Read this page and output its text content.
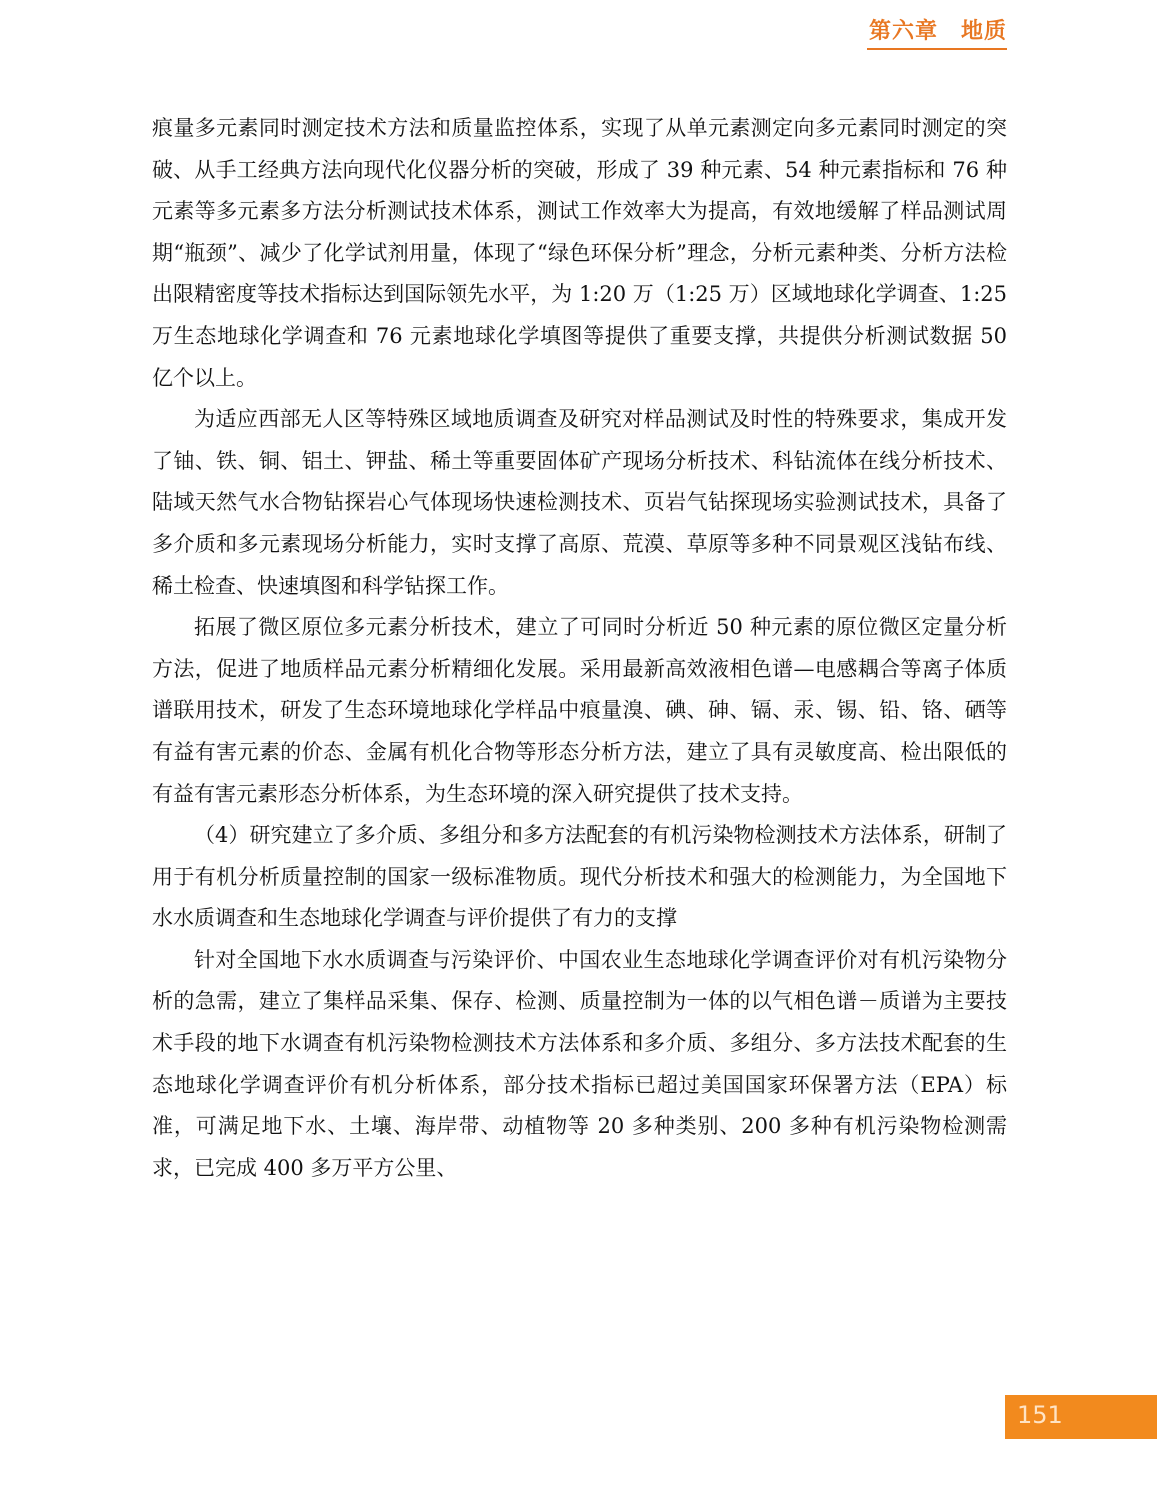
第六章　地质

痕量多元素同时测定技术方法和质量监控体系，实现了从单元素测定向多元素同时测定的突破、从手工经典方法向现代化仪器分析的突破，形成了 39 种元素、54 种元素指标和 76 种元素等多元素多方法分析测试技术体系，测试工作效率大为提高，有效地缓解了样品测试周期“瓶颈”、减少了化学试剂用量，体现了“绿色环保分析”理念，分析元素种类、分析方法检出限精密度等技术指标达到国际领先水平，为 1:20 万（1:25 万）区域地球化学调查、1:25 万生态地球化学调查和 76 元素地球化学填图等提供了重要支撑，共提供分析测试数据 50 亿个以上。

为适应西部无人区等特殊区域地质调查及研究对样品测试及时性的特殊要求，集成开发了铀、铁、铜、铝土、钾盐、稀土等重要固体矿产现场分析技术、科钻流体在线分析技术、陆域天然气水合物钻探岩心气体现场快速检测技术、页岩气钻探现场实验测试技术，具备了多介质和多元素现场分析能力，实时支撑了高原、荒漠、草原等多种不同景观区浅钻布线、稀土检查、快速填图和科学钻探工作。

拓展了微区原位多元素分析技术，建立了可同时分析近 50 种元素的原位微区定量分析方法，促进了地质样品元素分析精细化发展。采用最新高效液相色谱—电感耦合等离子体质谱联用技术，研发了生态环境地球化学样品中痕量溴、碘、砷、镉、汞、锡、铅、铬、硒等有益有害元素的价态、金属有机化合物等形态分析方法，建立了具有灵敏度高、检出限低的有益有害元素形态分析体系，为生态环境的深入研究提供了技术支持。

（4）研究建立了多介质、多组分和多方法配套的有机污染物检测技术方法体系，研制了用于有机分析质量控制的国家一级标准物质。现代分析技术和强大的检测能力，为全国地下水水质调查和生态地球化学调查与评价提供了有力的支撑

针对全国地下水水质调查与污染评价、中国农业生态地球化学调查评价对有机污染物分析的急需，建立了集样品采集、保存、检测、质量控制为一体的以气相色谱－质谱为主要技术手段的地下水调查有机污染物检测技术方法体系和多介质、多组分、多方法技术配套的生态地球化学调查评价有机分析体系，部分技术指标已超过美国国家环保署方法（EPA）标准，可满足地下水、土壤、海岸带、动植物等 20 多种类别、200 多种有机污染物检测需求，已完成 400 多万平方公里、

151
